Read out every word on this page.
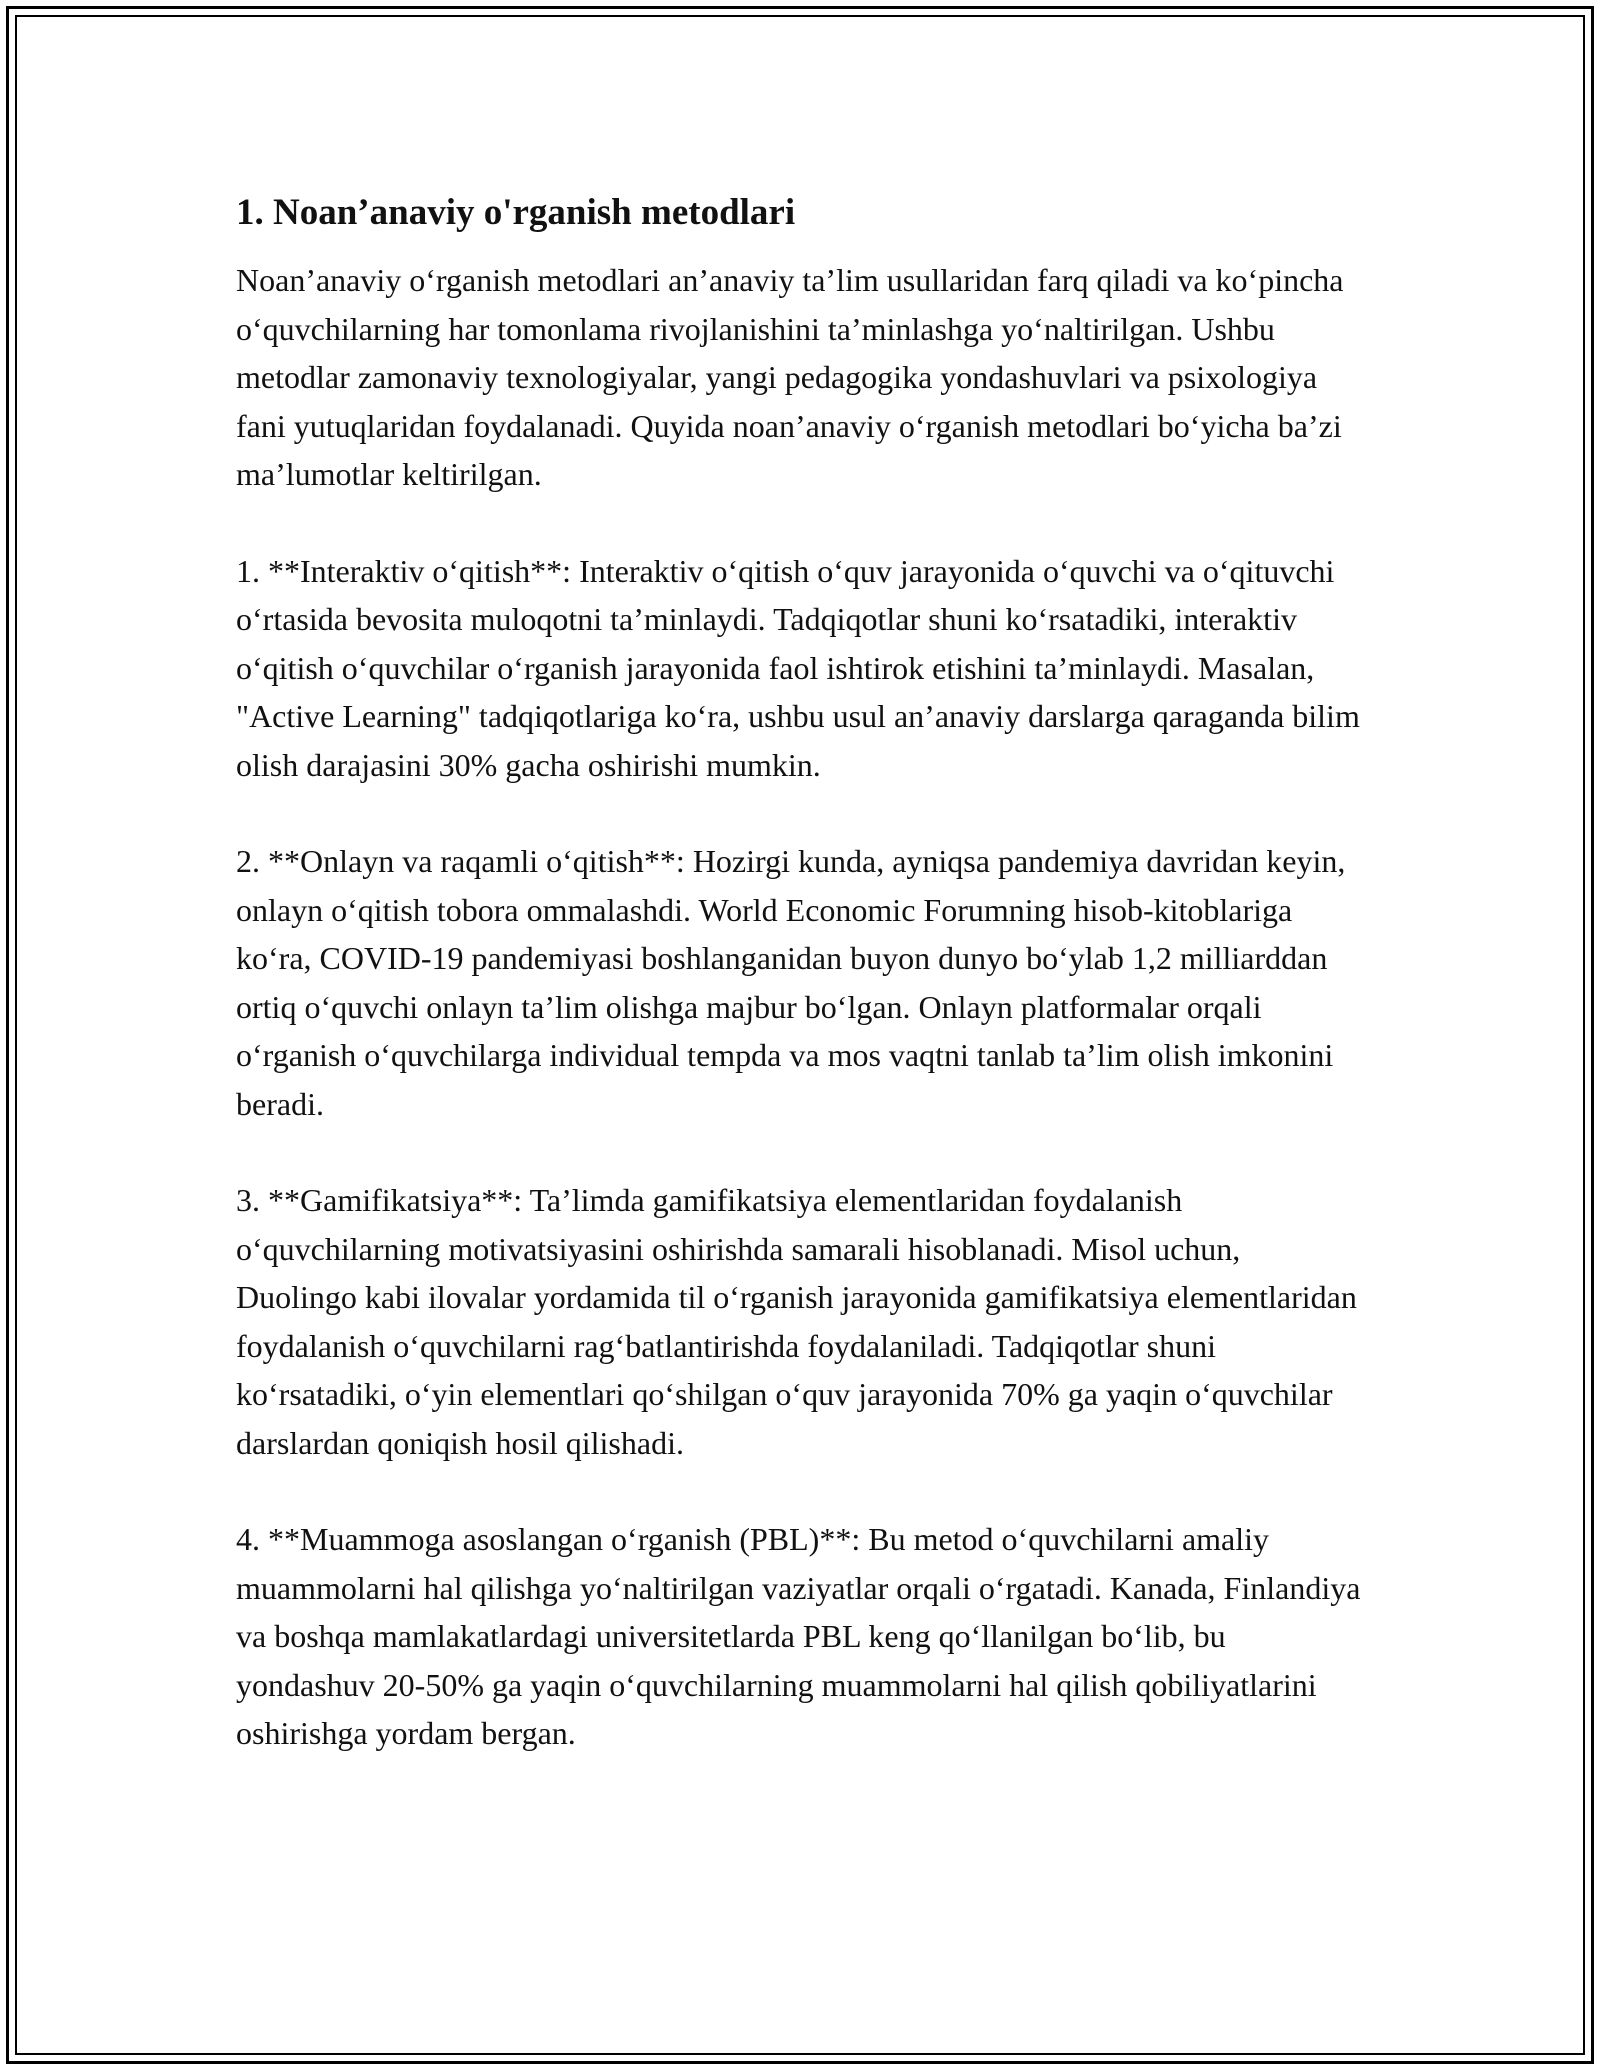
1. Noan’anaviy o'rganish metodlari

Noan’anaviy o‘rganish metodlari an’anaviy ta’lim usullaridan farq qiladi va ko‘pincha o‘quvchilarning har tomonlama rivojlanishini ta’minlashga yo‘naltirilgan. Ushbu metodlar zamonaviy texnologiyalar, yangi pedagogika yondashuvlari va psixologiya fani yutuqlaridan foydalanadi. Quyida noan’anaviy o‘rganish metodlari bo‘yicha ba’zi ma’lumotlar keltirilgan.

1. **Interaktiv o‘qitish**: Interaktiv o‘qitish o‘quv jarayonida o‘quvchi va o‘qituvchi o‘rtasida bevosita muloqotni ta’minlaydi. Tadqiqotlar shuni ko‘rsatadiki, interaktiv o‘qitish o‘quvchilar o‘rganish jarayonida faol ishtirok etishini ta’minlaydi. Masalan, "Active Learning" tadqiqotlariga ko‘ra, ushbu usul an’anaviy darslarga qaraganda bilim olish darajasini 30% gacha oshirishi mumkin.

2. **Onlayn va raqamli o‘qitish**: Hozirgi kunda, ayniqsa pandemiya davridan keyin, onlayn o‘qitish tobora ommalashdi. World Economic Forumning hisob-kitoblariga ko‘ra, COVID-19 pandemiyasi boshlanganidan buyon dunyo bo‘ylab 1,2 milliarddan ortiq o‘quvchi onlayn ta’lim olishga majbur bo‘lgan. Onlayn platformalar orqali o‘rganish o‘quvchilarga individual tempda va mos vaqtni tanlab ta’lim olish imkonini beradi.

3. **Gamifikatsiya**: Ta’limda gamifikatsiya elementlaridan foydalanish o‘quvchilarning motivatsiyasini oshirishda samarali hisoblanadi. Misol uchun, Duolingo kabi ilovalar yordamida til o‘rganish jarayonida gamifikatsiya elementlaridan foydalanish o‘quvchilarni rag‘batlantirishda foydalaniladi. Tadqiqotlar shuni ko‘rsatadiki, o‘yin elementlari qo‘shilgan o‘quv jarayonida 70% ga yaqin o‘quvchilar darslardan qoniqish hosil qilishadi.

4. **Muammoga asoslangan o‘rganish (PBL)**: Bu metod o‘quvchilarni amaliy muammolarni hal qilishga yo‘naltirilgan vaziyatlar orqali o‘rgatadi. Kanada, Finlandiya va boshqa mamlakatlardagi universitetlarda PBL keng qo‘llanilgan bo‘lib, bu yondashuv 20-50% ga yaqin o‘quvchilarning muammolarni hal qilish qobiliyatlarini oshirishga yordam bergan.
